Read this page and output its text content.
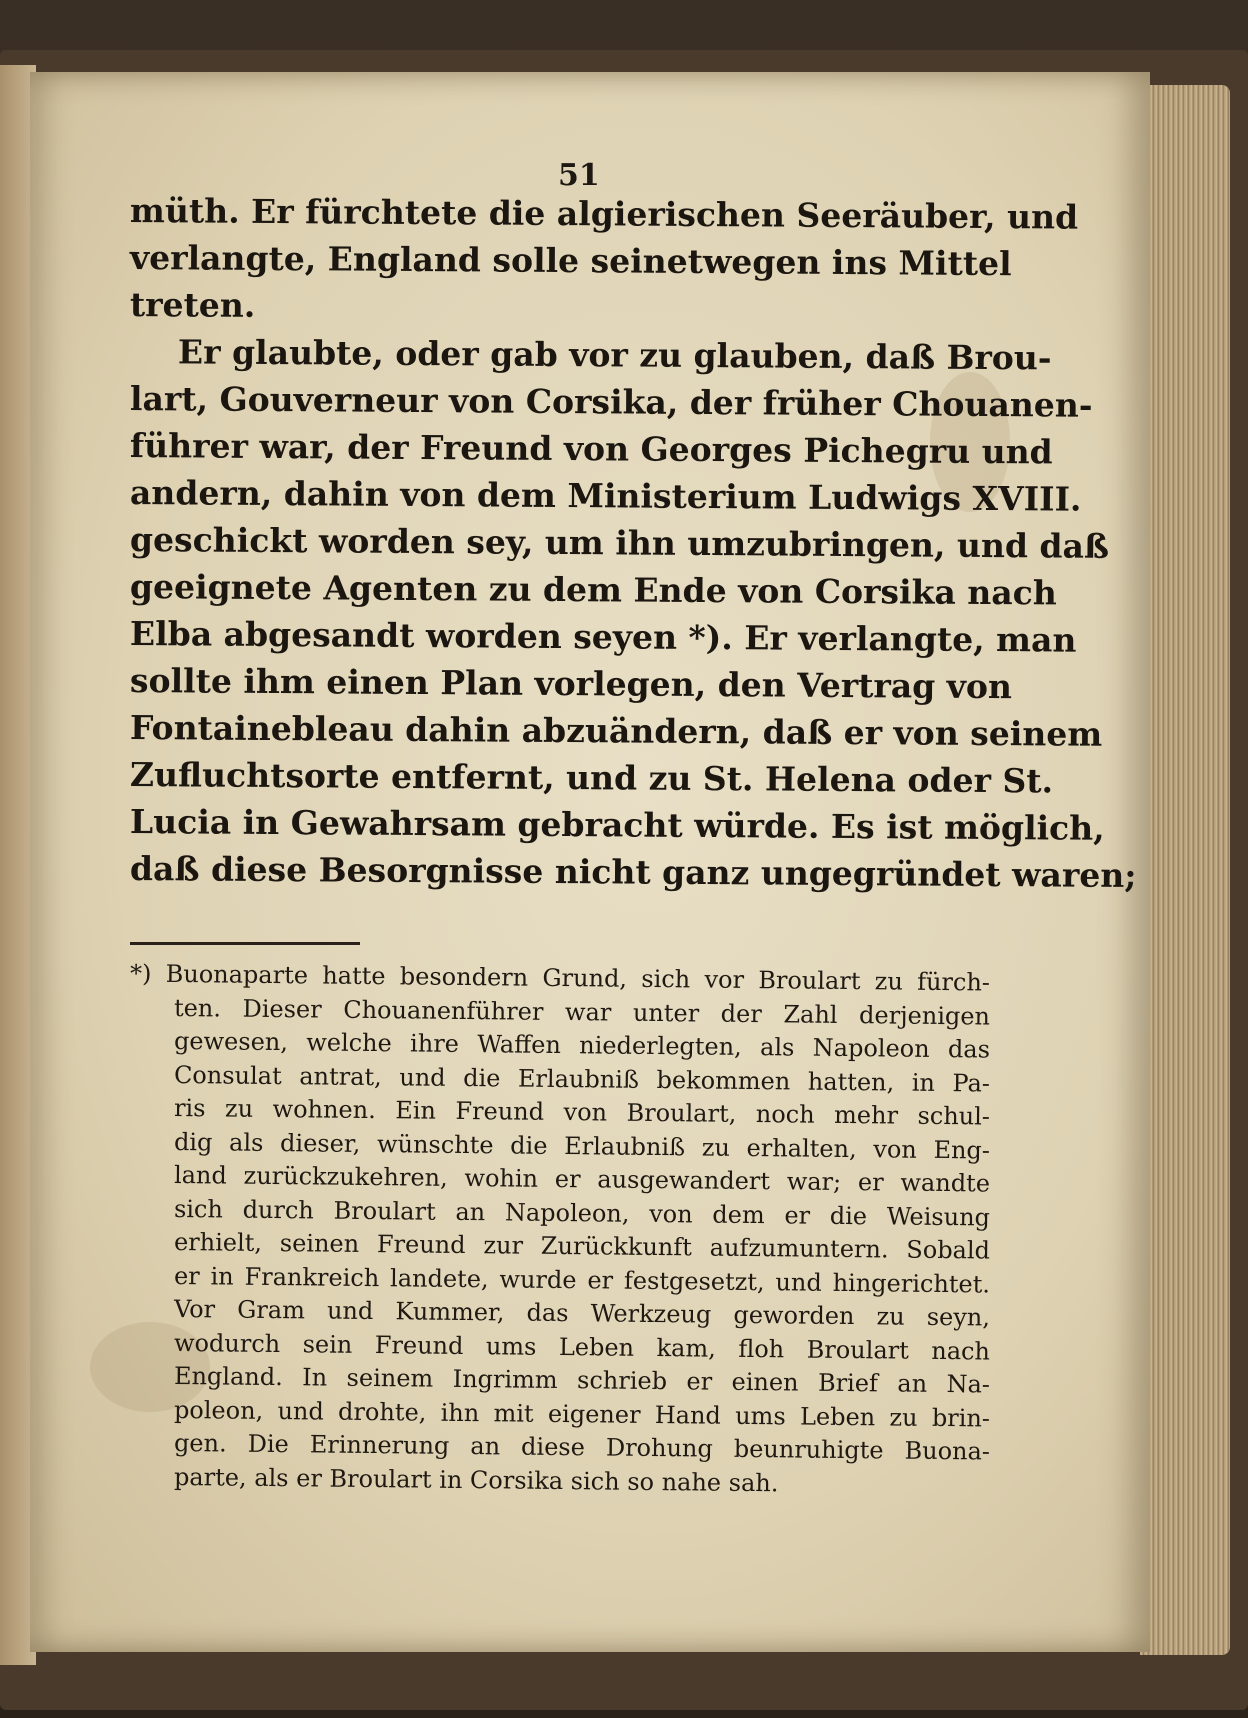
51
müth. Er fürchtete die algierischen Seeräuber, und
verlangte, England solle seinetwegen ins Mittel
treten.
Er glaubte, oder gab vor zu glauben, daß Brou-
lart, Gouverneur von Corsika, der früher Chouanen-
führer war, der Freund von Georges Pichegru und
andern, dahin von dem Ministerium Ludwigs XVIII.
geschickt worden sey, um ihn umzubringen, und daß
geeignete Agenten zu dem Ende von Corsika nach
Elba abgesandt worden seyen *). Er verlangte, man
sollte ihm einen Plan vorlegen, den Vertrag von
Fontainebleau dahin abzuändern, daß er von seinem
Zufluchtsorte entfernt, und zu St. Helena oder St.
Lucia in Gewahrsam gebracht würde. Es ist möglich,
daß diese Besorgnisse nicht ganz ungegründet waren;
*) Buonaparte hatte besondern Grund, sich vor Broulart zu fürch-
ten. Dieser Chouanenführer war unter der Zahl derjenigen
gewesen, welche ihre Waffen niederlegten, als Napoleon das
Consulat antrat, und die Erlaubniß bekommen hatten, in Pa-
ris zu wohnen. Ein Freund von Broulart, noch mehr schul-
dig als dieser, wünschte die Erlaubniß zu erhalten, von Eng-
land zurückzukehren, wohin er ausgewandert war; er wandte
sich durch Broulart an Napoleon, von dem er die Weisung
erhielt, seinen Freund zur Zurückkunft aufzumuntern. Sobald
er in Frankreich landete, wurde er festgesetzt, und hingerichtet.
Vor Gram und Kummer, das Werkzeug geworden zu seyn,
wodurch sein Freund ums Leben kam, floh Broulart nach
England. In seinem Ingrimm schrieb er einen Brief an Na-
poleon, und drohte, ihn mit eigener Hand ums Leben zu brin-
gen. Die Erinnerung an diese Drohung beunruhigte Buona-
parte, als er Broulart in Corsika sich so nahe sah.
